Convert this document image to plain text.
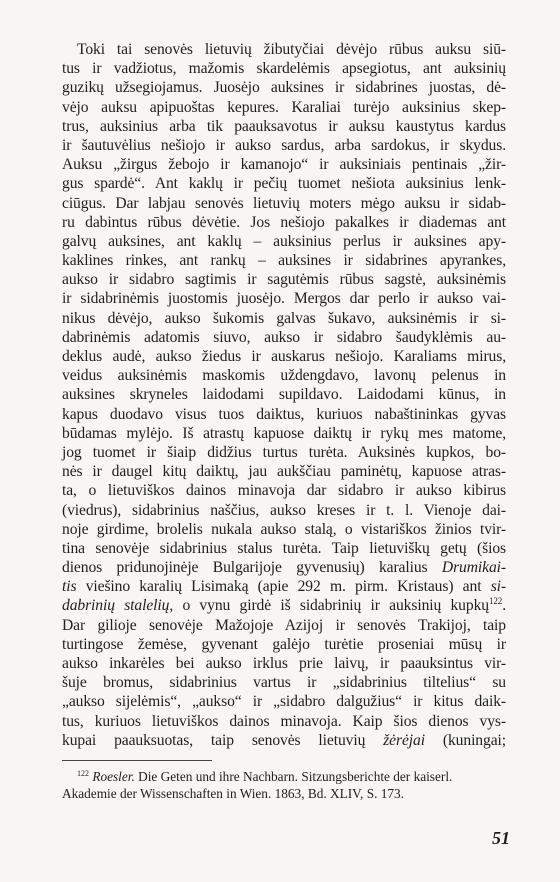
Toki tai senovės lietuvių žibutyčiai dėvėjo rūbus auksu siū-
tus ir vadžiotus, mažomis skardelėmis apsegiotus, ant auksinių
guzikų užsegiojamus. Juosėjo auksines ir sidabrines juostas, dė-
vėjo auksu apipuoštas kepures. Karaliai turėjo auksinius skep-
trus, auksinius arba tik paauksavotus ir auksu kaustytus kardus
ir šautuvėlius nešiojo ir aukso sardus, arba sardokus, ir skydus.
Auksu „žirgus žebojo ir kamanojo“ ir auksiniais pentinais „žir-
gus spardė“. Ant kaklų ir pečių tuomet nešiota auksinius lenk-
ciūgus. Dar labjau senovės lietuvių moters mėgo auksu ir sidab-
ru dabintus rūbus dėvėtie. Jos nešiojo pakalkes ir diademas ant
galvų auksines, ant kaklų – auksinius perlus ir auksines apy-
kaklines rinkes, ant rankų – auksines ir sidabrines apyrankes,
aukso ir sidabro sagtimis ir sagutėmis rūbus sagstė, auksinėmis
ir sidabrinėmis juostomis juosėjo. Mergos dar perlo ir aukso vai-
nikus dėvėjo, aukso šukomis galvas šukavo, auksinėmis ir si-
dabrinėmis adatomis siuvo, aukso ir sidabro šaudyklėmis au-
deklus audė, aukso žiedus ir auskarus nešiojo. Karaliams mirus,
veidus auksinėmis maskomis uždengdavo, lavonų pelenus in
auksines skryneles laidodami supildavo. Laidodami kūnus, in
kapus duodavo visus tuos daiktus, kuriuos nabaštininkas gyvas
būdamas mylėjo. Iš atrastų kapuose daiktų ir rykų mes matome,
jog tuomet ir šiaip didžius turtus turėta. Auksinės kupkos, bo-
nės ir daugel kitų daiktų, jau aukščiau paminėtų, kapuose atras-
ta, o lietuviškos dainos minavoja dar sidabro ir aukso kibirus
(viedrus), sidabrinius naščius, aukso kreses ir t. l. Vienoje dai-
noje girdime, brolelis nukala aukso stalą, o vistariškos žinios tvir-
tina senovėje sidabrinius stalus turėta. Taip lietuviškų getų (šios
dienos pridunojinėje Bulgarijoje gyvenusių) karalius Drumikai-
tis viešino karalių Lisimaką (apie 292 m. pirm. Kristaus) ant si-
dabrinių stalelių, o vynu girdė iš sidabrinių ir auksinių kupkų$^{122}$.
Dar gilioje senovėje Mažojoje Azijoj ir senovės Trakijoj, taip
turtingose žemėse, gyvenant galėjo turėtie proseniai mūsų ir
aukso inkarėles bei aukso irklus prie laivų, ir paauksintus vir-
šuje bromus, sidabrinius vartus ir „sidabrinius tiltelius“ su
„aukso sijelėmis“, „aukso“ ir „sidabro dalgužius“ ir kitus daik-
tus, kuriuos lietuviškos dainos minavoja. Kaip šios dienos vys-
kupai paauksuotas, taip senovės lietuvių žėrėjai (kuningai;
$^{122}$ Roesler. Die Geten und ihre Nachbarn. Sitzungsberichte der kaiserl.
Akademie der Wissenschaften in Wien. 1863, Bd. XLIV, S. 173.
51
